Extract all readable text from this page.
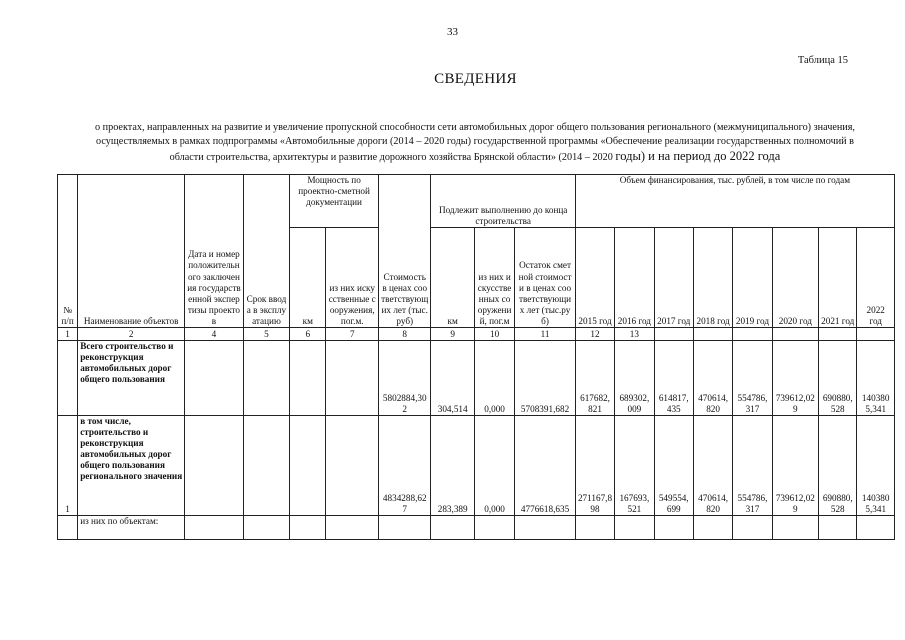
33
Таблица 15
СВЕДЕНИЯ
о проектах, направленных на развитие и увеличение пропускной способности сети автомобильных дорог общего пользования регионального (межмуниципального) значения,
осуществляемых в рамках подпрограммы «Автомобильные дороги (2014 – 2020 годы) государственной программы «Обеспечение реализации государственных полномочий в
области строительства, архитектуры и развитие дорожного хозяйства Брянской области» (2014 – 2020 годы) и на период до 2022 года
№ п/п	Наименование объектов	Дата и номер положительного заключения государственной экспертизы проектов	Срок ввода в эксплуатацию	Мощность по проектно-сметной документации		Стоимость в ценах соответствующих лет (тыс.руб)	Подлежит выполнению до конца строительства			Объем финансирования, тыс. рублей, в том числе по годам							
				км	из них искусственные сооружения, пог.м.		км	из них искусственных сооружений, пог.м	Остаток сметной стоимости в ценах соответствующих лет (тыс.руб)	2015 год	2016 год	2017 год	2018 год	2019 год	2020 год	2021 год	2022 год
1	2	4	5	6	7	8	9	10	11	12	13						
	Всего строительство и реконструкция автомобильных дорог общего пользования					5802884,302	304,514	0,000	5708391,682	617682,821	689302,009	614817,435	470614,820	554786,317	739612,029	690880,528	1403805,341
1	в том числе, строительство и реконструкция автомобильных дорог общего пользования регионального значения					4834288,627	283,389	0,000	4776618,635	271167,898	167693,521	549554,699	470614,820	554786,317	739612,029	690880,528	1403805,341
	из них по объектам:																
